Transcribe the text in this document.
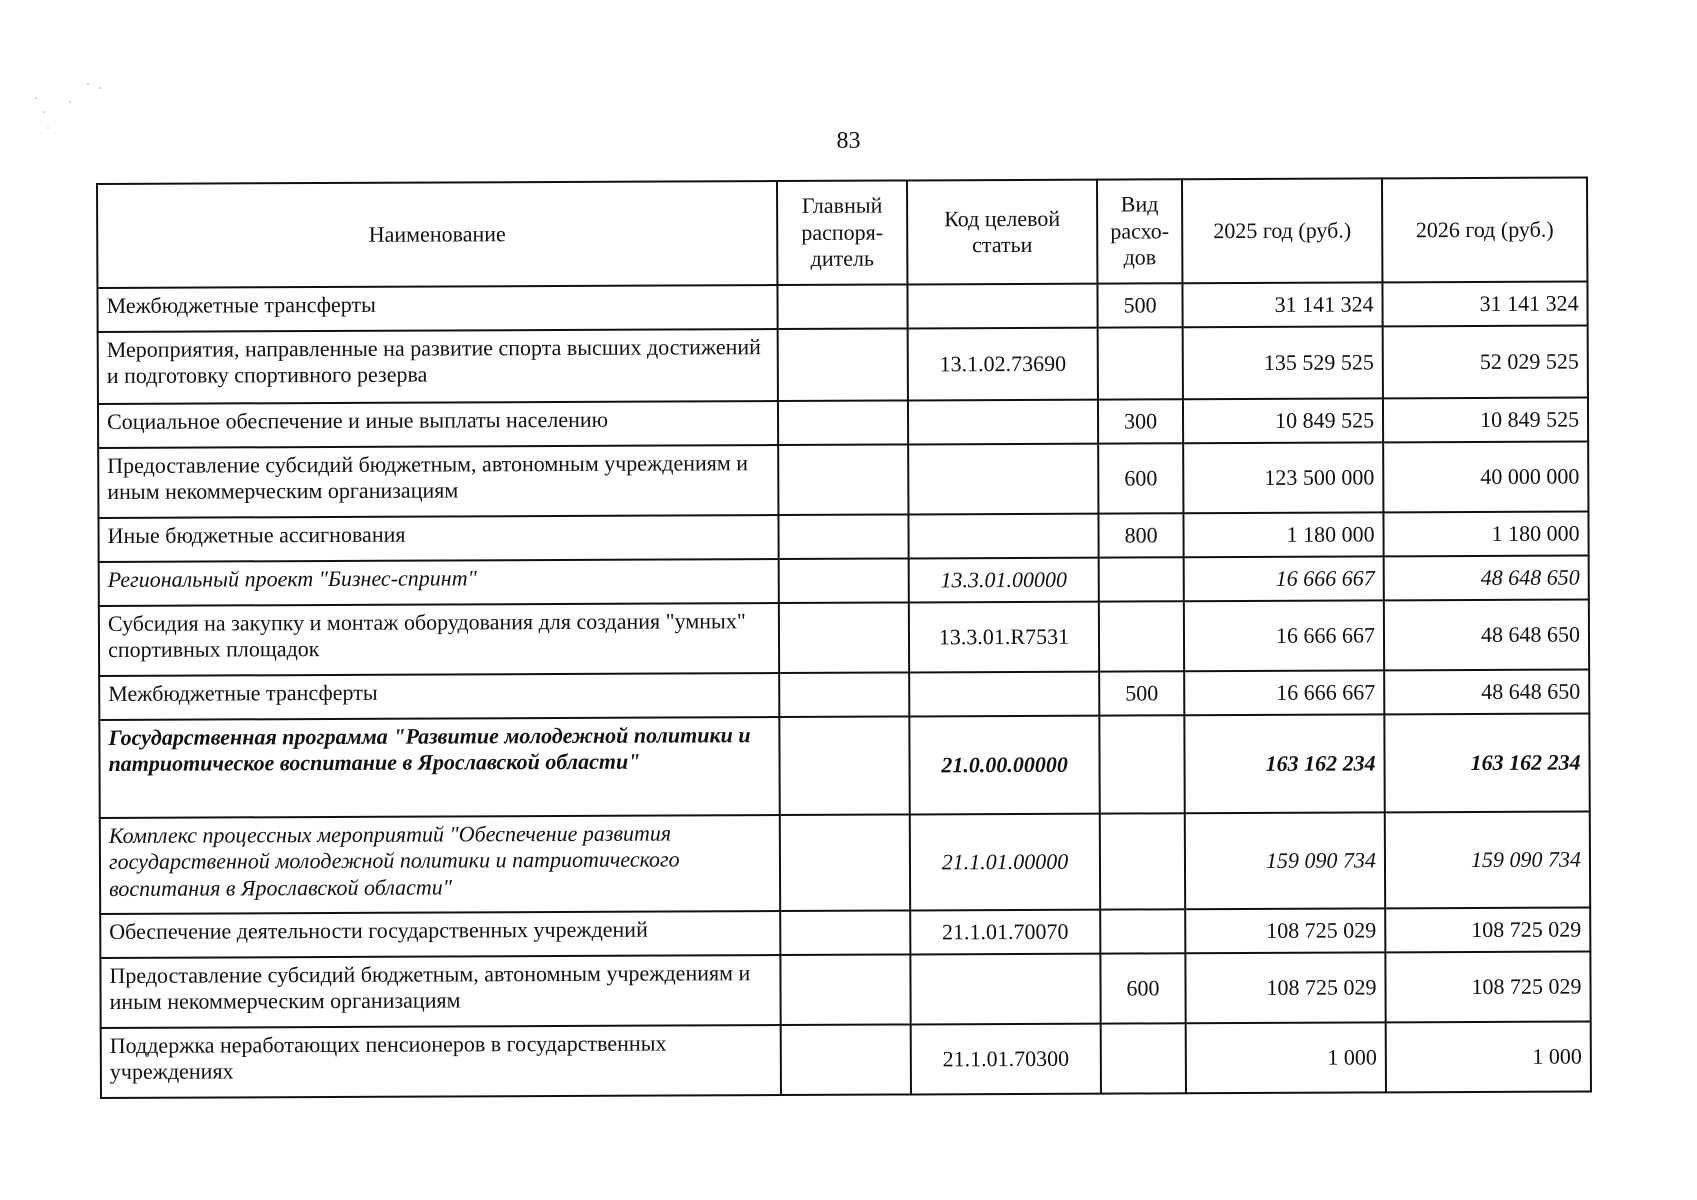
83
Наименование	Главный распоря-дитель	Код целевой статьи	Вид расхо-дов	2025 год (руб.)	2026 год (руб.)
Межбюджетные трансферты			500	31 141 324	31 141 324
Мероприятия, направленные на развитие спорта высших достижений и подготовку спортивного резерва		13.1.02.73690		135 529 525	52 029 525
Социальное обеспечение и иные выплаты населению			300	10 849 525	10 849 525
Предоставление субсидий бюджетным, автономным учреждениям и иным некоммерческим организациям			600	123 500 000	40 000 000
Иные бюджетные ассигнования			800	1 180 000	1 180 000
Региональный проект "Бизнес-спринт"		13.3.01.00000		16 666 667	48 648 650
Субсидия на закупку и монтаж оборудования для создания "умных" спортивных площадок		13.3.01.R7531		16 666 667	48 648 650
Межбюджетные трансферты			500	16 666 667	48 648 650
Государственная программа "Развитие молодежной политики и патриотическое воспитание в Ярославской области"		21.0.00.00000		163 162 234	163 162 234
Комплекс процессных мероприятий "Обеспечение развития государственной молодежной политики и патриотического воспитания в Ярославской области"		21.1.01.00000		159 090 734	159 090 734
Обеспечение деятельности государственных учреждений		21.1.01.70070		108 725 029	108 725 029
Предоставление субсидий бюджетным, автономным учреждениям и иным некоммерческим организациям			600	108 725 029	108 725 029
Поддержка неработающих пенсионеров в государственных учреждениях		21.1.01.70300		1 000	1 000
